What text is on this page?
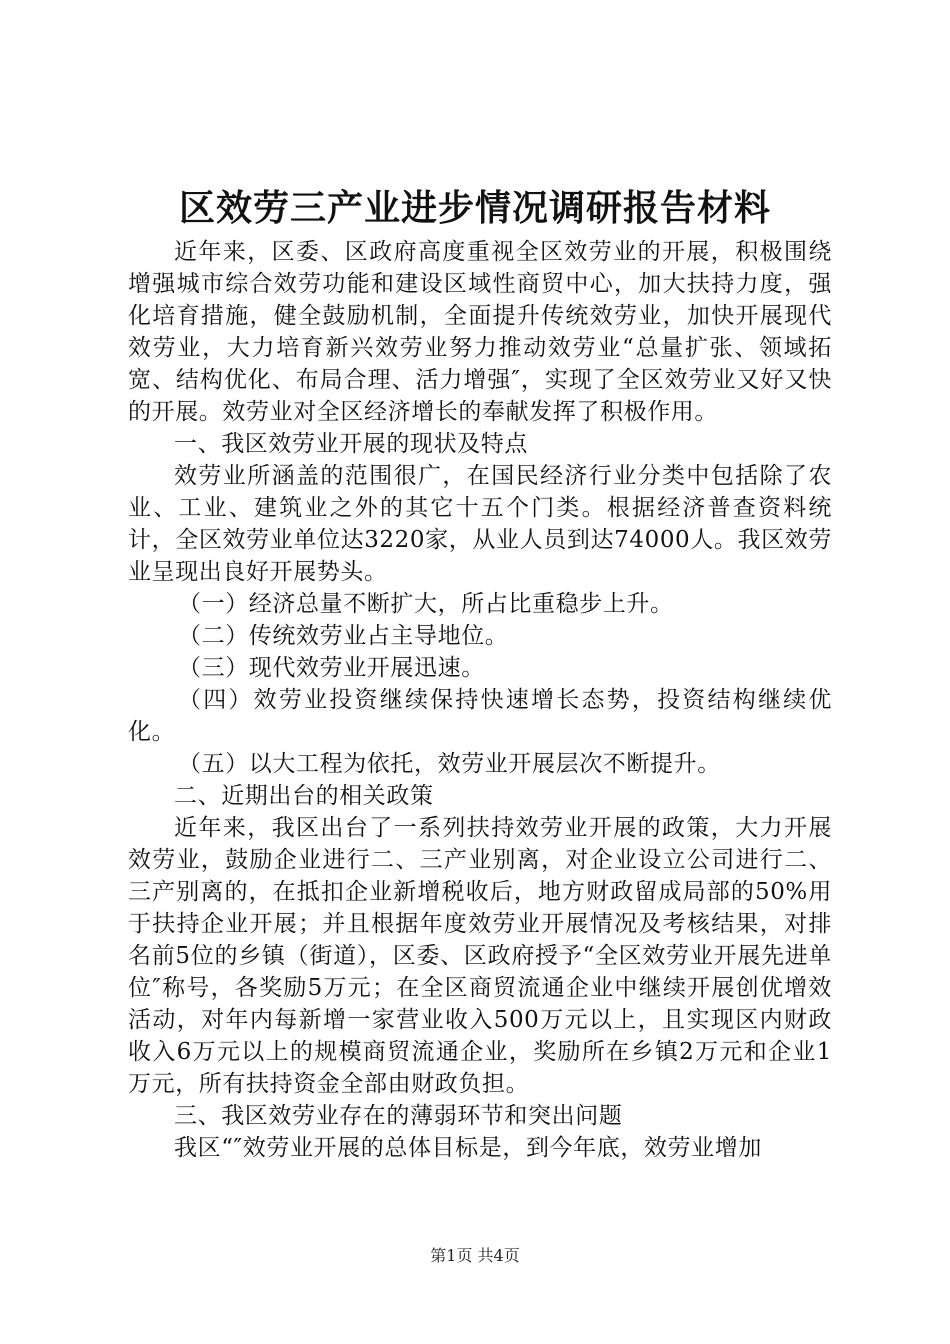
区效劳三产业进步情况调研报告材料

近年来，区委、区政府高度重视全区效劳业的开展，积极围绕增强城市综合效劳功能和建设区域性商贸中心，加大扶持力度，强化培育措施，健全鼓励机制，全面提升传统效劳业，加快开展现代效劳业，大力培育新兴效劳业努力推动效劳业“总量扩张、领域拓宽、结构优化、布局合理、活力增强″，实现了全区效劳业又好又快的开展。效劳业对全区经济增长的奉献发挥了积极作用。

一、我区效劳业开展的现状及特点

效劳业所涵盖的范围很广，在国民经济行业分类中包括除了农业、工业、建筑业之外的其它十五个门类。根据经济普查资料统计，全区效劳业单位达3220家，从业人员到达74000人。我区效劳业呈现出良好开展势头。

（一）经济总量不断扩大，所占比重稳步上升。

（二）传统效劳业占主导地位。

（三）现代效劳业开展迅速。

（四）效劳业投资继续保持快速增长态势，投资结构继续优化。

（五）以大工程为依托，效劳业开展层次不断提升。

二、近期出台的相关政策

近年来，我区出台了一系列扶持效劳业开展的政策，大力开展效劳业，鼓励企业进行二、三产业别离，对企业设立公司进行二、三产别离的，在抵扣企业新增税收后，地方财政留成局部的50%用于扶持企业开展；并且根据年度效劳业开展情况及考核结果，对排名前5位的乡镇（街道），区委、区政府授予“全区效劳业开展先进单位″称号，各奖励5万元；在全区商贸流通企业中继续开展创优增效活动，对年内每新增一家营业收入500万元以上，且实现区内财政收入6万元以上的规模商贸流通企业，奖励所在乡镇2万元和企业1万元，所有扶持资金全部由财政负担。

三、我区效劳业存在的薄弱环节和突出问题

我区“″效劳业开展的总体目标是，到今年底，效劳业增加

第1页 共4页
